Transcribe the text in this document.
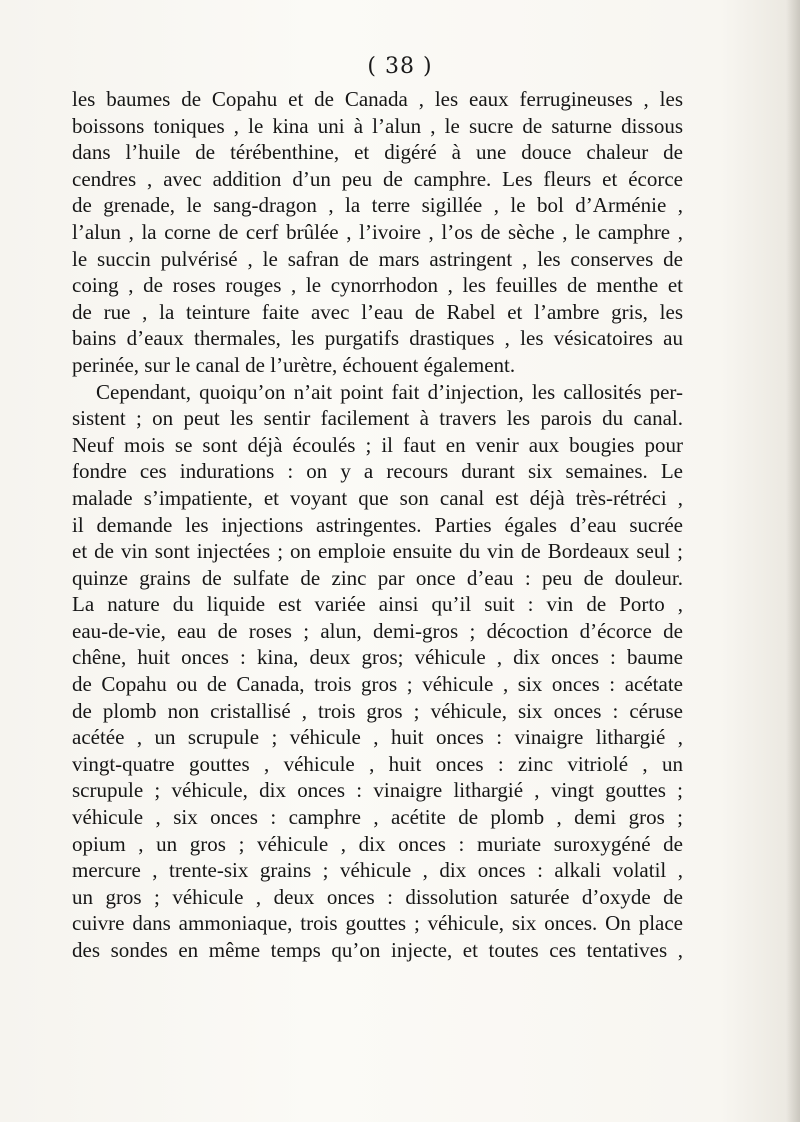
( 38 )
les baumes de Copahu et de Canada , les eaux ferrugineuses , les
boissons toniques , le kina uni à l’alun , le sucre de saturne dissous
dans l’huile de térébenthine, et digéré à une douce chaleur de
cendres , avec addition d’un peu de camphre. Les fleurs et écorce
de grenade, le sang-dragon , la terre sigillée , le bol d’Arménie ,
l’alun , la corne de cerf brûlée , l’ivoire , l’os de sèche , le camphre ,
le succin pulvérisé , le safran de mars astringent , les conserves de
coing , de roses rouges , le cynorrhodon , les feuilles de menthe et
de rue , la teinture faite avec l’eau de Rabel et l’ambre gris, les
bains d’eaux thermales, les purgatifs drastiques , les vésicatoires au
perinée, sur le canal de l’urètre, échouent également.
Cependant, quoiqu’on n’ait point fait d’injection, les callosités per-
sistent ; on peut les sentir facilement à travers les parois du canal.
Neuf mois se sont déjà écoulés ; il faut en venir aux bougies pour
fondre ces indurations : on y a recours durant six semaines. Le
malade s’impatiente, et voyant que son canal est déjà très-rétréci ,
il demande les injections astringentes. Parties égales d’eau sucrée
et de vin sont injectées ; on emploie ensuite du vin de Bordeaux seul ;
quinze grains de sulfate de zinc par once d’eau : peu de douleur.
La nature du liquide est variée ainsi qu’il suit : vin de Porto ,
eau-de-vie, eau de roses ; alun, demi-gros ; décoction d’écorce de
chêne, huit onces : kina, deux gros; véhicule , dix onces : baume
de Copahu ou de Canada, trois gros ; véhicule , six onces : acétate
de plomb non cristallisé , trois gros ; véhicule, six onces : céruse
acétée , un scrupule ; véhicule , huit onces : vinaigre lithargié ,
vingt-quatre gouttes , véhicule , huit onces : zinc vitriolé , un
scrupule ; véhicule, dix onces : vinaigre lithargié , vingt gouttes ;
véhicule , six onces : camphre , acétite de plomb , demi gros ;
opium , un gros ; véhicule , dix onces : muriate suroxygéné de
mercure , trente-six grains ; véhicule , dix onces : alkali volatil ,
un gros ; véhicule , deux onces : dissolution saturée d’oxyde de
cuivre dans ammoniaque, trois gouttes ; véhicule, six onces. On place
des sondes en même temps qu’on injecte, et toutes ces tentatives ,
